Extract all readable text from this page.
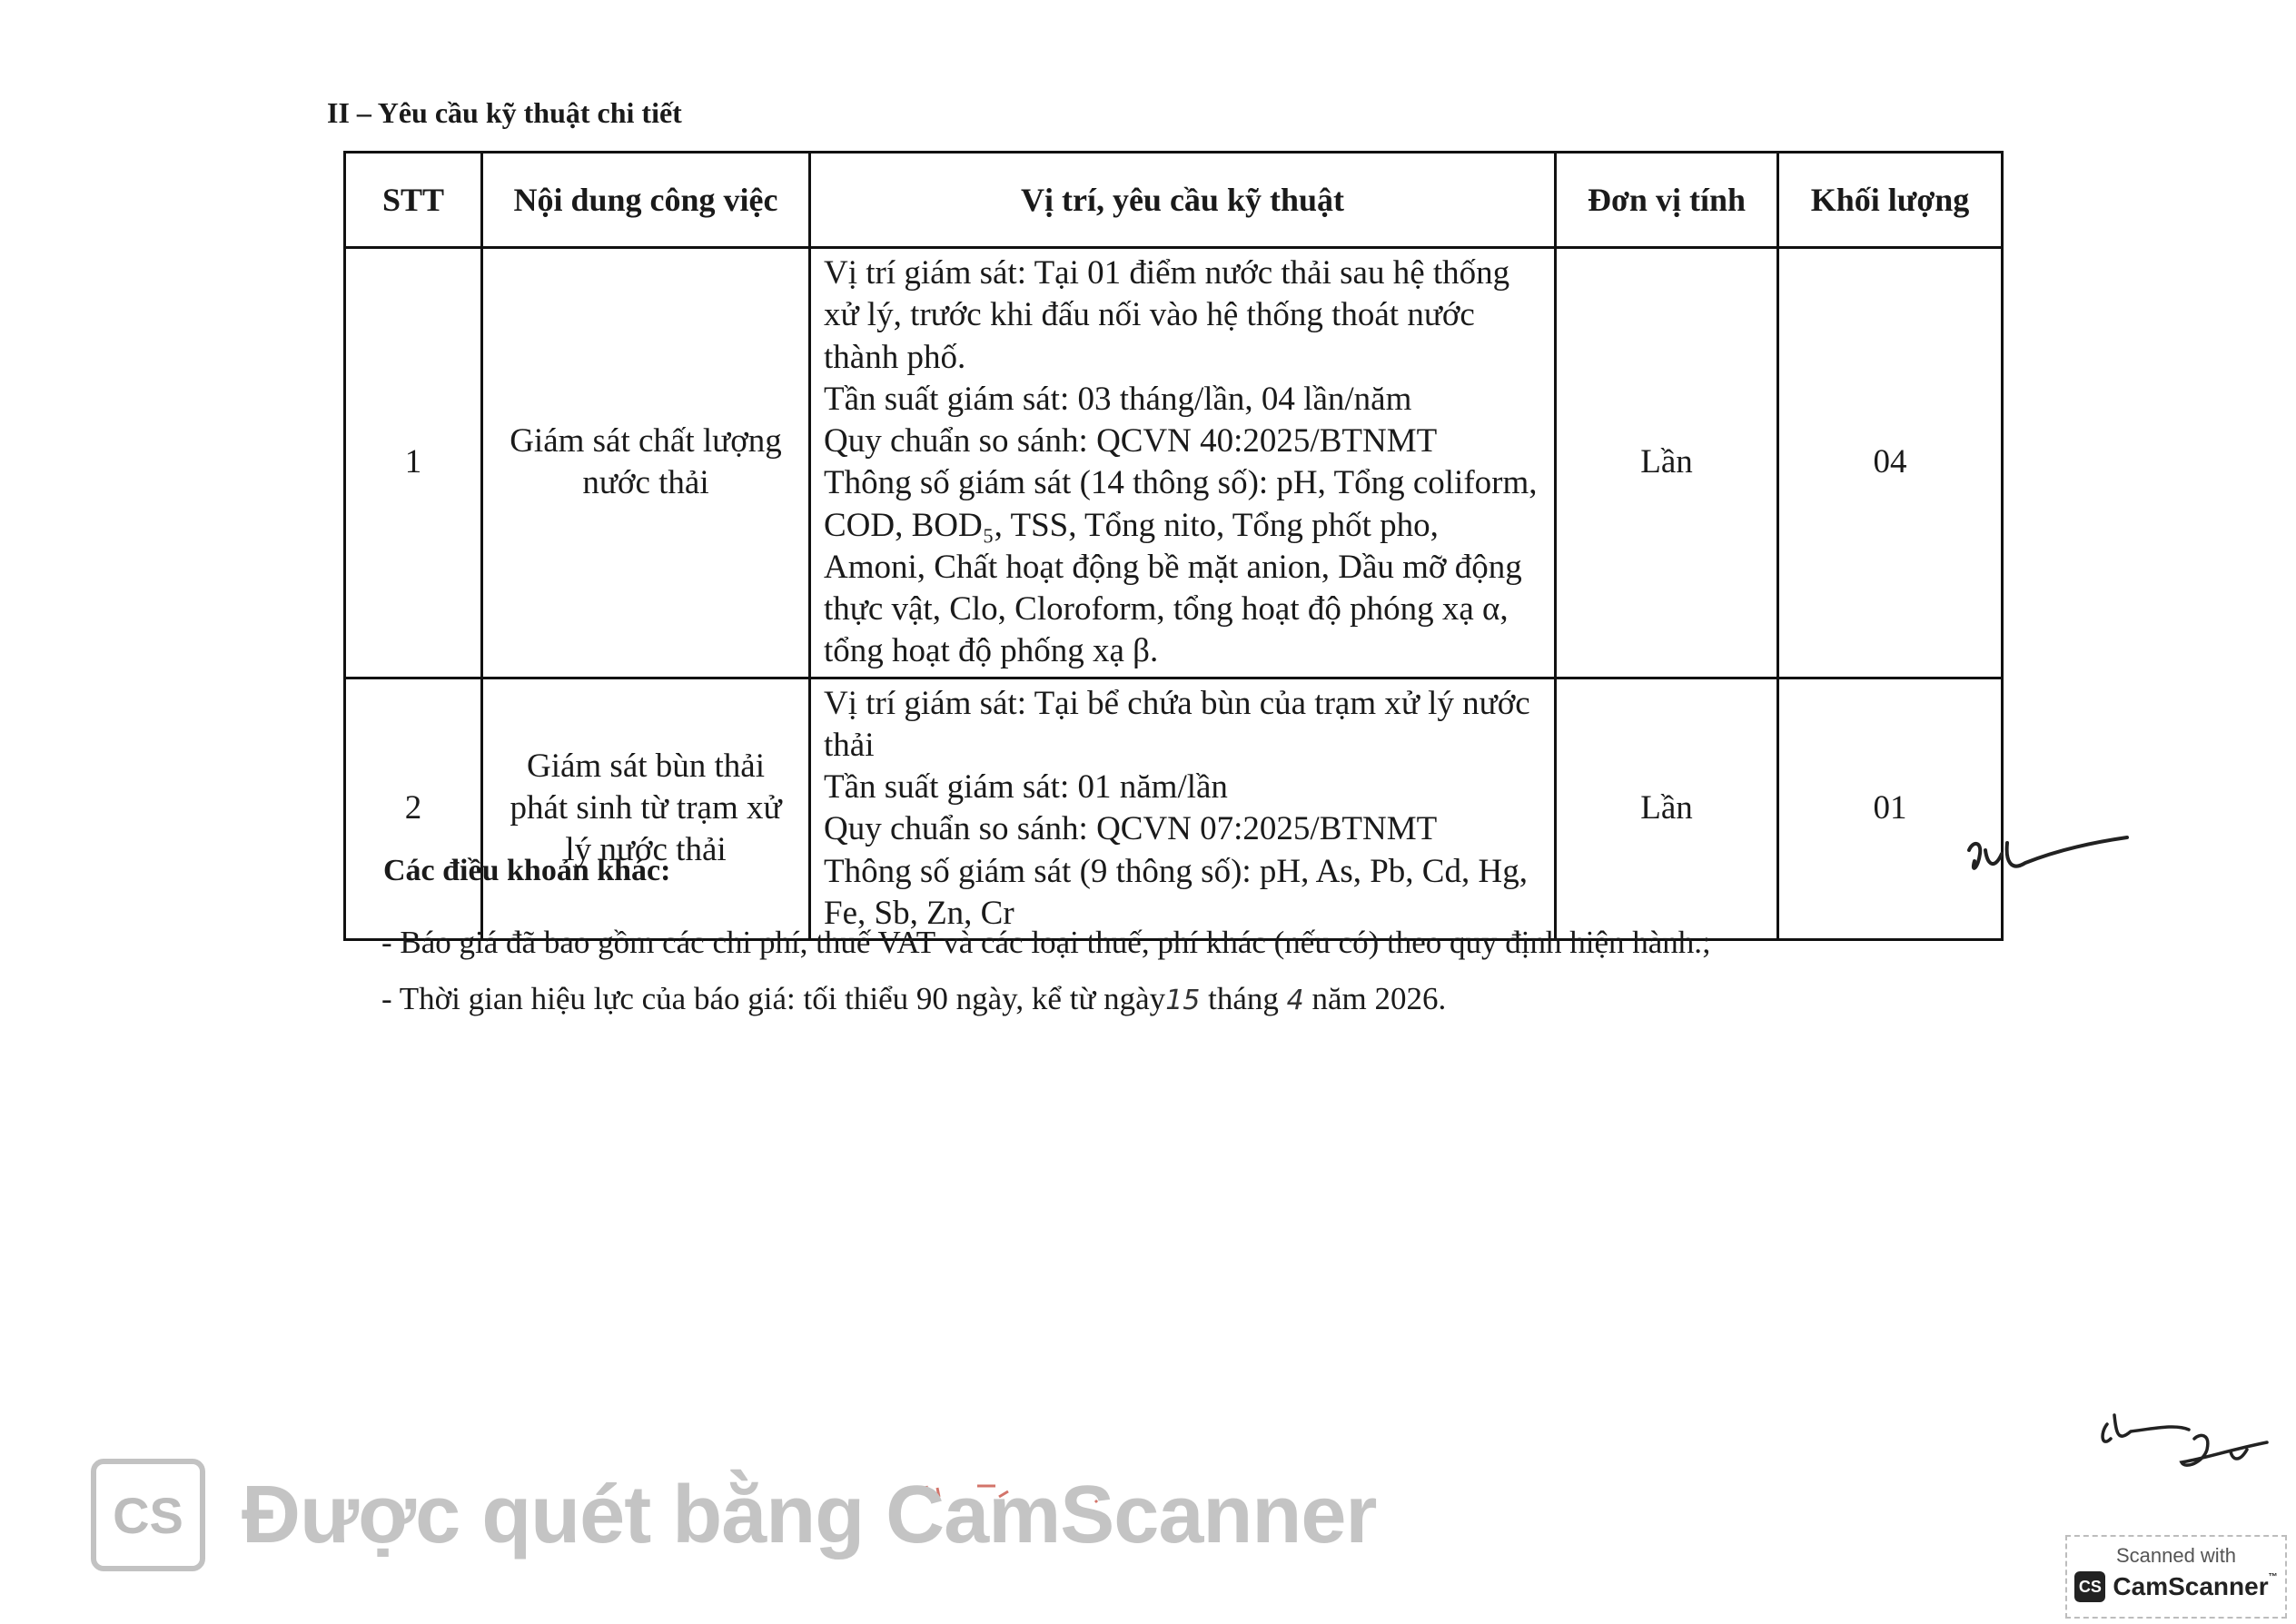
II – Yêu cầu kỹ thuật chi tiết
STT	Nội dung công việc	Vị trí, yêu cầu kỹ thuật	Đơn vị tính	Khối lượng
1	Giám sát chất lượng nước thải	Vị trí giám sát: Tại 01 điểm nước thải sau hệ thống xử lý, trước khi đấu nối vào hệ thống thoát nước thành phố.
Tần suất giám sát: 03 tháng/lần, 04 lần/năm
Quy chuẩn so sánh: QCVN 40:2025/BTNMT
Thông số giám sát (14 thông số): pH, Tổng coliform, COD, BOD₅, TSS, Tổng nito, Tổng phốt pho, Amoni, Chất hoạt động bề mặt anion, Dầu mỡ động thực vật, Clo, Cloroform, tổng hoạt độ phóng xạ α, tổng hoạt độ phống xạ β.	Lần	04
2	Giám sát bùn thải phát sinh từ trạm xử lý nước thải	Vị trí giám sát: Tại bể chứa bùn của trạm xử lý nước thải
Tần suất giám sát: 01 năm/lần
Quy chuẩn so sánh: QCVN 07:2025/BTNMT
Thông số giám sát (9 thông số): pH, As, Pb, Cd, Hg, Fe, Sb, Zn, Cr	Lần	01
Các điều khoản khác:
- Báo giá đã bao gồm các chi phí, thuế VAT và các loại thuế, phí khác (nếu có) theo quy định hiện hành.;
- Thời gian hiệu lực của báo giá: tối thiểu 90 ngày, kể từ ngày15 tháng 4 năm 2026.
CS Được quét bằng CamScanner	Scanned with
CS CamScanner™
